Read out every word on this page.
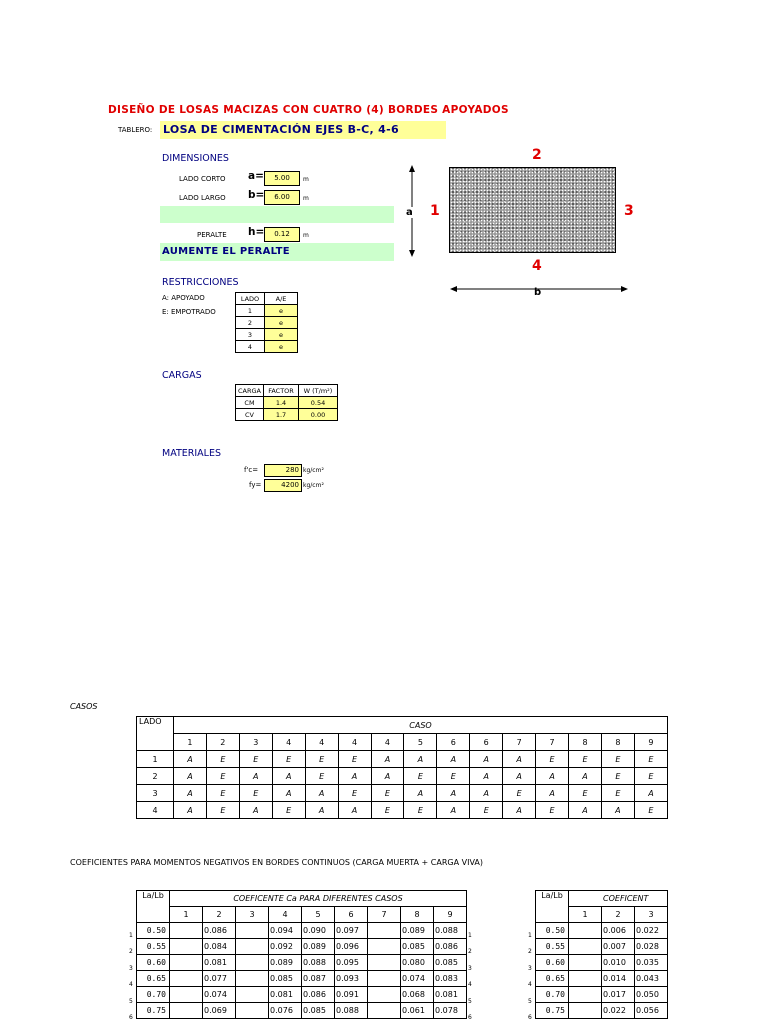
DISEÑO DE LOSAS MACIZAS CON CUATRO (4) BORDES APOYADOS
TABLERO: LOSA DE CIMENTACIÓN EJES B-C, 4-6
DIMENSIONES
LADO CORTO a=	5.00	m
LADO LARGO b=	6.00	m
PERALTE h=	0.12	m
AUMENTE EL PERALTE
2
1	3
4
a
b
RESTRICCIONES
A: APOYADO
E: EMPOTRADO
LADO	A/E
1	e
2	e
3	e
4	e
CARGAS
CARGA	FACTOR	W (T/m²)
CM	1.4	0.54
CV	1.7	0.00
MATERIALES
f'c=	280 kg/cm²
fy=	4200 kg/cm²
CASOS
LADO	CASO														
	1	2	3	4	4	4	4	5	6	6	7	7	8	8	9
1	A	E	E	E	E	E	A	A	A	A	A	E	E	E	E
2	A	E	A	A	E	A	A	E	E	A	A	A	A	E	E
3	A	E	E	A	A	E	E	A	A	A	E	A	E	E	A
4	A	E	A	E	A	A	E	E	A	E	A	E	A	A	E
COEFICIENTES PARA MOMENTOS NEGATIVOS EN BORDES CONTINUOS (CARGA MUERTA + CARGA VIVA)
La/Lb	COEFICENTE Ca PARA DIFERENTES CASOS								
	1	2	3	4	5	6	7	8	9
0.50		0.086		0.094	0.090	0.097		0.089	0.088
0.55		0.084		0.092	0.089	0.096		0.085	0.086
0.60		0.081		0.089	0.088	0.095		0.080	0.085
0.65		0.077		0.085	0.087	0.093		0.074	0.083
0.70		0.074		0.081	0.086	0.091		0.068	0.081
0.75		0.069		0.076	0.085	0.088		0.061	0.078
La/Lb	COEFICENT		
	1	2	3
0.50		0.006	0.022
0.55		0.007	0.028
0.60		0.010	0.035
0.65		0.014	0.043
0.70		0.017	0.050
0.75		0.022	0.056
1	1	1
2	2	2
3	3	3
4	4	4
5	5	5
6	6	6
